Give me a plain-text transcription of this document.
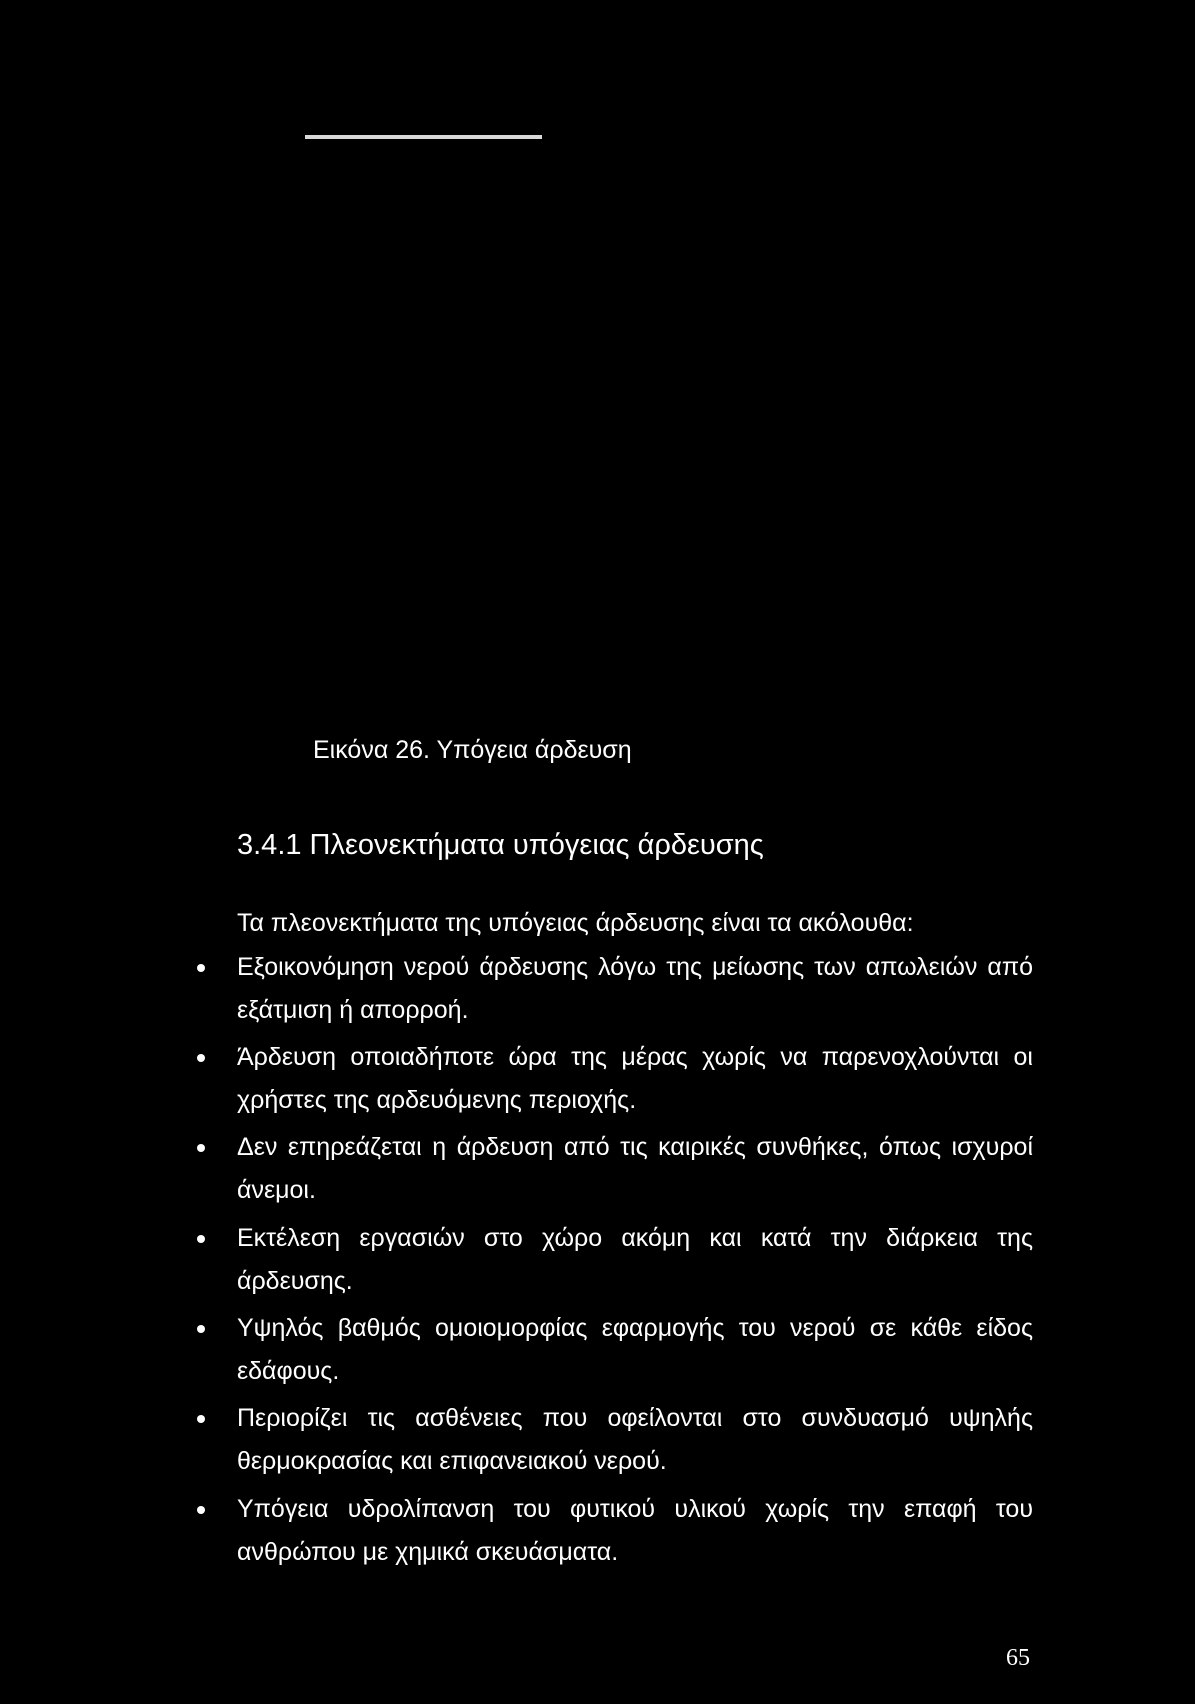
Εικόνα 26. Υπόγεια άρδευση
3.4.1 Πλεονεκτήματα υπόγειας άρδευσης
Τα πλεονεκτήματα της υπόγειας άρδευσης είναι τα ακόλουθα:
Εξοικονόμηση νερού άρδευσης λόγω της μείωσης των απωλειών από εξάτμιση ή απορροή.
Άρδευση οποιαδήποτε ώρα της μέρας χωρίς να παρενοχλούνται οι χρήστες της αρδευόμενης περιοχής.
Δεν επηρεάζεται η άρδευση από τις καιρικές συνθήκες, όπως ισχυροί άνεμοι.
Εκτέλεση εργασιών στο χώρο ακόμη και κατά την διάρκεια της άρδευσης.
Υψηλός βαθμός ομοιομορφίας εφαρμογής του νερού σε κάθε είδος εδάφους.
Περιορίζει τις ασθένειες που οφείλονται στο συνδυασμό υψηλής θερμοκρασίας και επιφανειακού νερού.
Υπόγεια υδρολίπανση του φυτικού υλικού χωρίς την επαφή του ανθρώπου με χημικά σκευάσματα.
65
